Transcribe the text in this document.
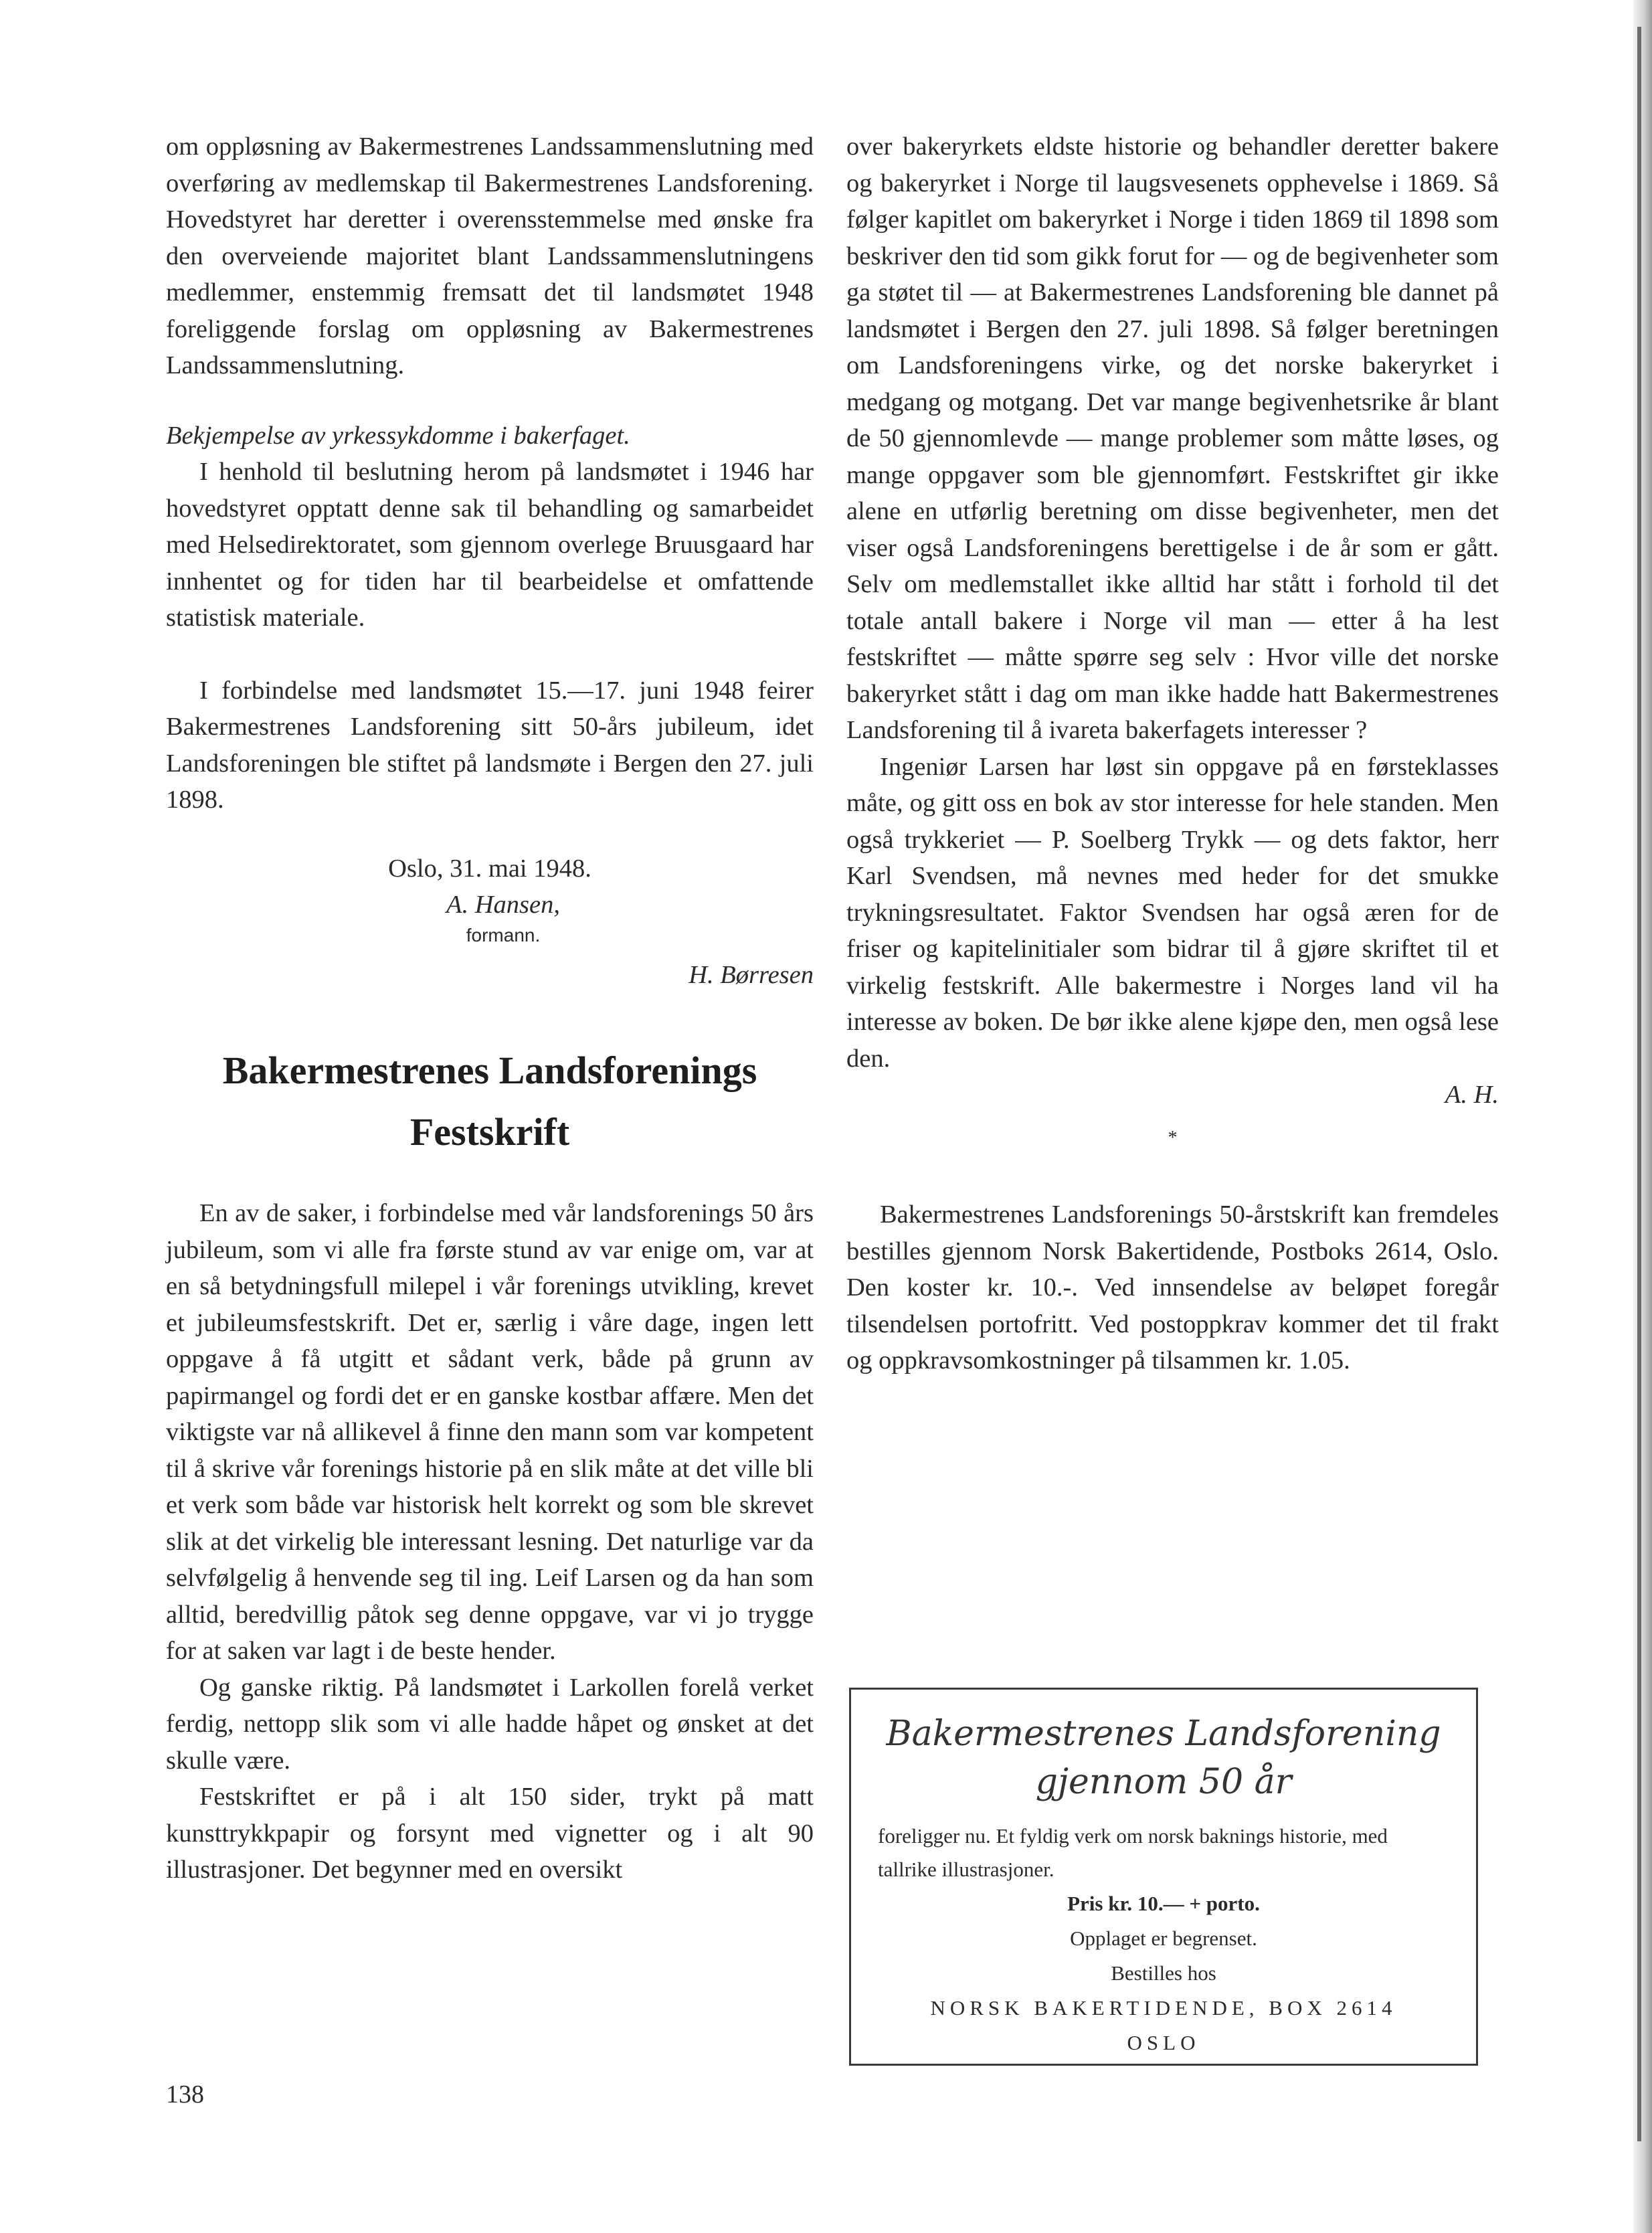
om oppløsning av Bakermestrenes Landssammenslutning med overføring av medlemskap til Bakermestrenes Landsforening. Hovedstyret har deretter i overensstemmelse med ønske fra den overveiende majoritet blant Landssammenslutningens medlemmer, enstemmig fremsatt det til landsmøtet 1948 foreliggende forslag om oppløsning av Bakermestrenes Landssammenslutning.

Bekjempelse av yrkessykdomme i bakerfaget.

I henhold til beslutning herom på landsmøtet i 1946 har hovedstyret opptatt denne sak til behandling og samarbeidet med Helsedirektoratet, som gjennom overlege Bruusgaard har innhentet og for tiden har til bearbeidelse et omfattende statistisk materiale.

I forbindelse med landsmøtet 15.—17. juni 1948 feirer Bakermestrenes Landsforening sitt 50-års jubileum, idet Landsforeningen ble stiftet på landsmøte i Bergen den 27. juli 1898.

Oslo, 31. mai 1948.

A. Hansen,

formann.

H. Børresen

Bakermestrenes Landsforenings
Festskrift

En av de saker, i forbindelse med vår landsforenings 50 års jubileum, som vi alle fra første stund av var enige om, var at en så betydningsfull milepel i vår forenings utvikling, krevet et jubileumsfestskrift. Det er, særlig i våre dage, ingen lett oppgave å få utgitt et sådant verk, både på grunn av papirmangel og fordi det er en ganske kostbar affære. Men det viktigste var nå allikevel å finne den mann som var kompetent til å skrive vår forenings historie på en slik måte at det ville bli et verk som både var historisk helt korrekt og som ble skrevet slik at det virkelig ble interessant lesning. Det naturlige var da selvfølgelig å henvende seg til ing. Leif Larsen og da han som alltid, beredvillig påtok seg denne oppgave, var vi jo trygge for at saken var lagt i de beste hender.

Og ganske riktig. På landsmøtet i Larkollen forelå verket ferdig, nettopp slik som vi alle hadde håpet og ønsket at det skulle være.

Festskriftet er på i alt 150 sider, trykt på matt kunsttrykkpapir og forsynt med vignetter og i alt 90 illustrasjoner. Det begynner med en oversikt

over bakeryrkets eldste historie og behandler deretter bakere og bakeryrket i Norge til laugsvesenets opphevelse i 1869. Så følger kapitlet om bakeryrket i Norge i tiden 1869 til 1898 som beskriver den tid som gikk forut for — og de begivenheter som ga støtet til — at Bakermestrenes Landsforening ble dannet på landsmøtet i Bergen den 27. juli 1898. Så følger beretningen om Landsforeningens virke, og det norske bakeryrket i medgang og motgang. Det var mange begivenhetsrike år blant de 50 gjennomlevde — mange problemer som måtte løses, og mange oppgaver som ble gjennomført. Festskriftet gir ikke alene en utførlig beretning om disse begivenheter, men det viser også Landsforeningens berettigelse i de år som er gått. Selv om medlemstallet ikke alltid har stått i forhold til det totale antall bakere i Norge vil man — etter å ha lest festskriftet — måtte spørre seg selv : Hvor ville det norske bakeryrket stått i dag om man ikke hadde hatt Bakermestrenes Landsforening til å ivareta bakerfagets interesser ?

Ingeniør Larsen har løst sin oppgave på en førsteklasses måte, og gitt oss en bok av stor interesse for hele standen. Men også trykkeriet — P. Soelberg Trykk — og dets faktor, herr Karl Svendsen, må nevnes med heder for det smukke trykningsresultatet. Faktor Svendsen har også æren for de friser og kapitelinitialer som bidrar til å gjøre skriftet til et virkelig festskrift. Alle bakermestre i Norges land vil ha interesse av boken. De bør ikke alene kjøpe den, men også lese den.

A. H.

*

Bakermestrenes Landsforenings 50-årstskrift kan fremdeles bestilles gjennom Norsk Bakertidende, Postboks 2614, Oslo. Den koster kr. 10.-. Ved innsendelse av beløpet foregår tilsendelsen portofritt. Ved postoppkrav kommer det til frakt og oppkravsomkostninger på tilsammen kr. 1.05.

Bakermestrenes Landsforening
gjennom 50 år
foreligger nu. Et fyldig verk om norsk baknings historie, med tallrike illustrasjoner.
Pris kr. 10.— + porto.
Opplaget er begrenset.
Bestilles hos
NORSK BAKERTIDENDE, BOX 2614
OSLO
138
